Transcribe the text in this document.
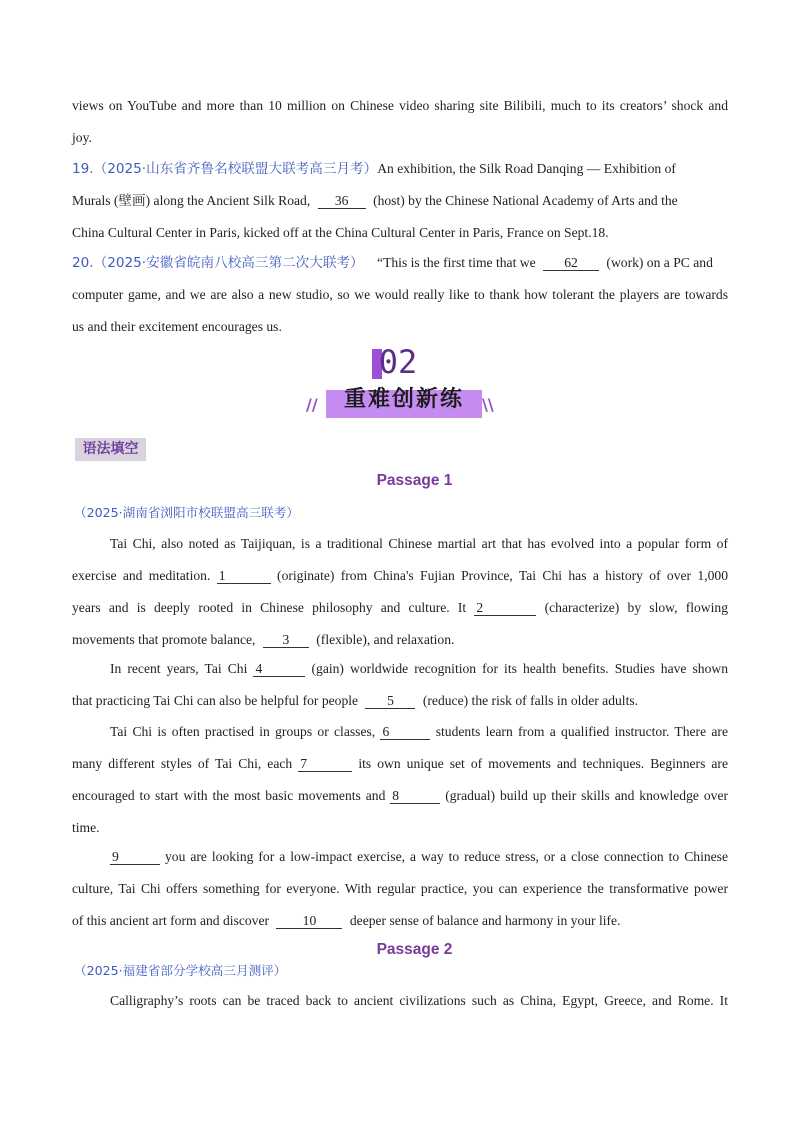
views on YouTube and more than 10 million on Chinese video sharing site Bilibili, much to its creators’ shock and
joy.
19.（2025·山东省齐鲁名校联盟大联考高三月考）An exhibition, the Silk Road Danqing — Exhibition of
Murals (壁画) along the Ancient Silk Road, 36 (host) by the Chinese National Academy of Arts and the
China Cultural Center in Paris, kicked off at the China Cultural Center in Paris, France on Sept.18.
20.（2025·安徽省皖南八校高三第二次大联考） “This is the first time that we 62 (work) on a PC and
computer game, and we are also a new studio, so we would really like to thank how tolerant the players are towards
us and their excitement encourages us.
02
//	重难创新练	\\
语法填空
Passage 1
（2025·湖南省浏阳市校联盟高三联考）
Tai Chi, also noted as Taijiquan, is a traditional Chinese martial art that has evolved into a popular form of
exercise and meditation. 1	(originate) from China's Fujian Province, Tai Chi has a history of over 1,000
years and is deeply rooted in Chinese philosophy and culture. It 2	(characterize) by slow, flowing
movements that promote balance, 3 (flexible), and relaxation.
In recent years, Tai Chi 4	(gain) worldwide recognition for its health benefits. Studies have shown
that practicing Tai Chi can also be helpful for people 5 (reduce) the risk of falls in older adults.
Tai Chi is often practised in groups or classes, 6	students learn from a qualified instructor. There are
many different styles of Tai Chi, each 7	its own unique set of movements and techniques. Beginners are
encouraged to start with the most basic movements and 8	(gradual) build up their skills and knowledge over
time.
9	you are looking for a low-impact exercise, a way to reduce stress, or a close connection to Chinese
culture, Tai Chi offers something for everyone. With regular practice, you can experience the transformative power
of this ancient art form and discover 10 deeper sense of balance and harmony in your life.
Passage 2
（2025·福建省部分学校高三月测评）
Calligraphy’s roots can be traced back to ancient civilizations such as China, Egypt, Greece, and Rome. It
